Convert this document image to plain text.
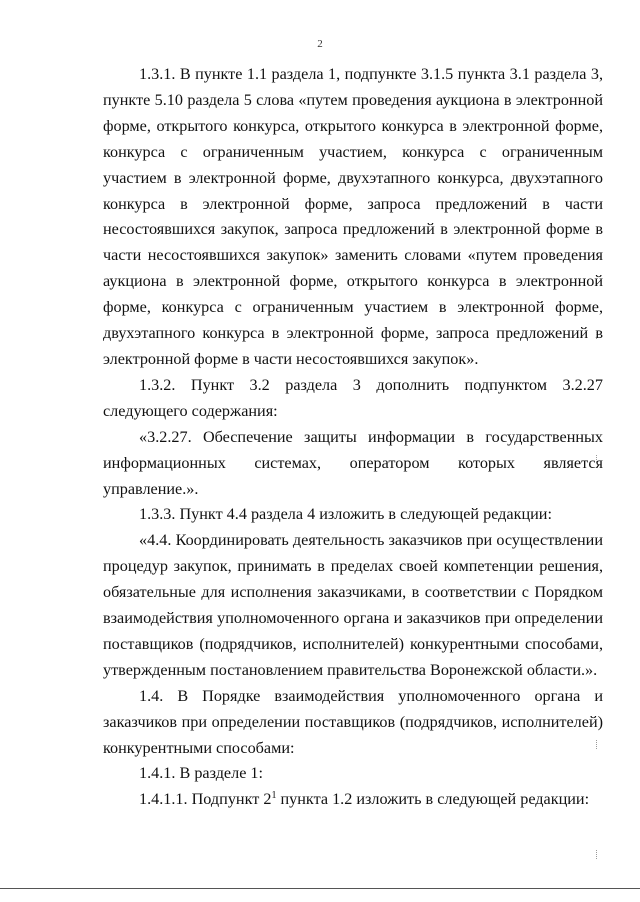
2

1.3.1. В пункте 1.1 раздела 1, подпункте 3.1.5 пункта 3.1 раздела 3, пункте 5.10 раздела 5 слова «путем проведения аукциона в электронной форме, открытого конкурса, открытого конкурса в электронной форме, конкурса с ограниченным участием, конкурса с ограниченным участием в электронной форме, двухэтапного конкурса, двухэтапного конкурса в электронной форме, запроса предложений в части несостоявшихся закупок, запроса предложений в электронной форме в части несостоявшихся закупок» заменить словами «путем проведения аукциона в электронной форме, открытого конкурса в электронной форме, конкурса с ограниченным участием в электронной форме, двухэтапного конкурса в электронной форме, запроса предложений в электронной форме в части несостоявшихся закупок».

1.3.2. Пункт 3.2 раздела 3 дополнить подпунктом 3.2.27 следующего содержания:

«3.2.27. Обеспечение защиты информации в государственных информационных системах, оператором которых является управление.».

1.3.3. Пункт 4.4 раздела 4 изложить в следующей редакции:

«4.4. Координировать деятельность заказчиков при осуществлении процедур закупок, принимать в пределах своей компетенции решения, обязательные для исполнения заказчиками, в соответствии с Порядком взаимодействия уполномоченного органа и заказчиков при определении поставщиков (подрядчиков, исполнителей) конкурентными способами, утвержденным постановлением правительства Воронежской области.».

1.4. В Порядке взаимодействия уполномоченного органа и заказчиков при определении поставщиков (подрядчиков, исполнителей) конкурентными способами:

1.4.1. В разделе 1:

1.4.1.1. Подпункт $2^1$ пункта 1.2 изложить в следующей редакции:
